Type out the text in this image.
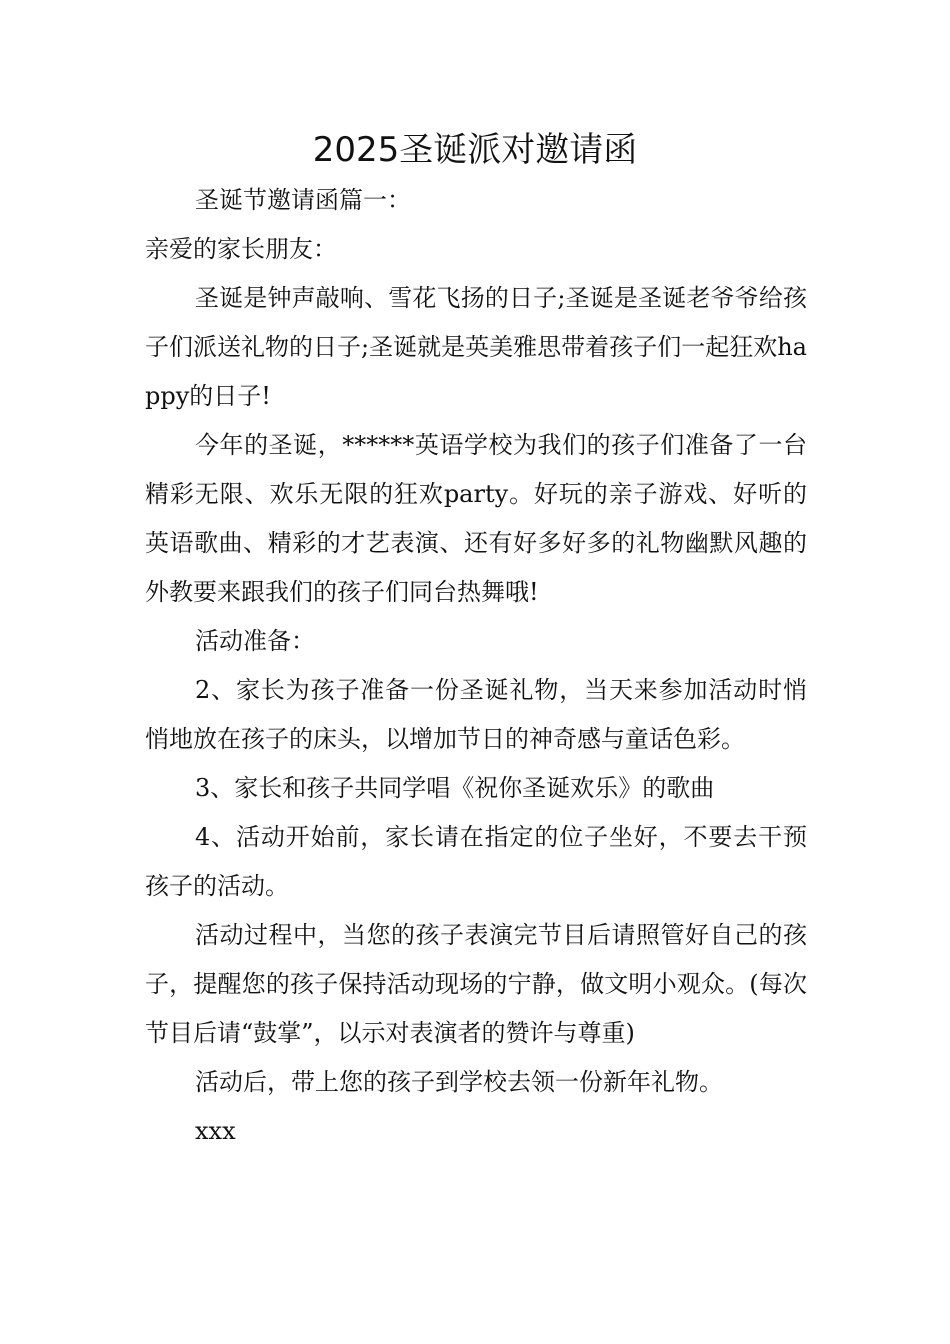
2025圣诞派对邀请函

圣诞节邀请函篇一：

亲爱的家长朋友：

圣诞是钟声敲响、雪花飞扬的日子;圣诞是圣诞老爷爷给孩子们派送礼物的日子;圣诞就是英美雅思带着孩子们一起狂欢happy的日子!

今年的圣诞，******英语学校为我们的孩子们准备了一台精彩无限、欢乐无限的狂欢party。好玩的亲子游戏、好听的英语歌曲、精彩的才艺表演、还有好多好多的礼物幽默风趣的外教要来跟我们的孩子们同台热舞哦!

活动准备：

2、家长为孩子准备一份圣诞礼物，当天来参加活动时悄悄地放在孩子的床头，以增加节日的神奇感与童话色彩。

3、家长和孩子共同学唱《祝你圣诞欢乐》的歌曲

4、活动开始前，家长请在指定的位子坐好，不要去干预孩子的活动。

活动过程中，当您的孩子表演完节目后请照管好自己的孩子，提醒您的孩子保持活动现场的宁静，做文明小观众。(每次节目后请“鼓掌”，以示对表演者的赞许与尊重)

活动后，带上您的孩子到学校去领一份新年礼物。

xxx
